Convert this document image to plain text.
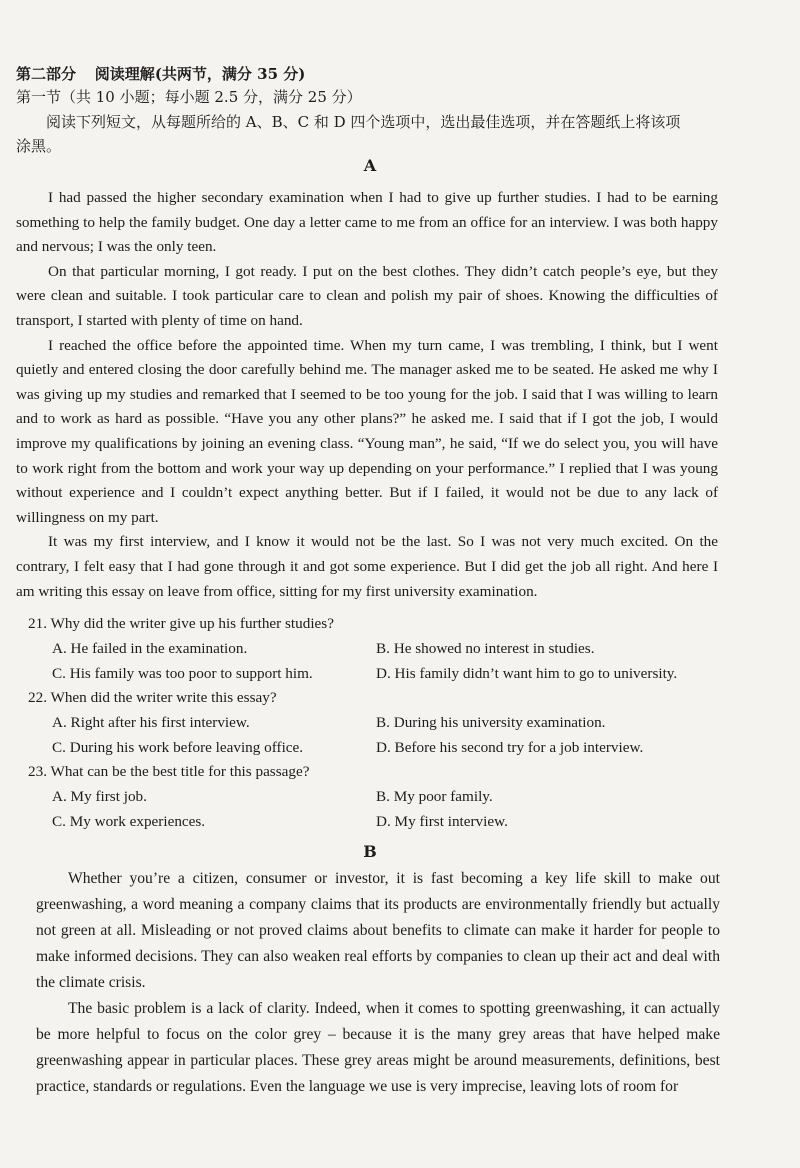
第二部分 阅读理解(共两节，满分 35 分)
第一节（共 10 小题；每小题 2.5 分，满分 25 分）
阅读下列短文，从每题所给的 A、B、C 和 D 四个选项中，选出最佳选项，并在答题纸上将该项
涂黑。
A

I had passed the higher secondary examination when I had to give up further studies. I had to be earning something to help the family budget. One day a letter came to me from an office for an interview. I was both happy and nervous; I was the only teen.

On that particular morning, I got ready. I put on the best clothes. They didn’t catch people’s eye, but they were clean and suitable. I took particular care to clean and polish my pair of shoes. Knowing the difficulties of transport, I started with plenty of time on hand.

I reached the office before the appointed time. When my turn came, I was trembling, I think, but I went quietly and entered closing the door carefully behind me. The manager asked me to be seated. He asked me why I was giving up my studies and remarked that I seemed to be too young for the job. I said that I was willing to learn and to work as hard as possible. “Have you any other plans?” he asked me. I said that if I got the job, I would improve my qualifications by joining an evening class. “Young man”, he said, “If we do select you, you will have to work right from the bottom and work your way up depending on your performance.” I replied that I was young without experience and I couldn’t expect anything better. But if I failed, it would not be due to any lack of willingness on my part.

It was my first interview, and I know it would not be the last. So I was not very much excited. On the contrary, I felt easy that I had gone through it and got some experience. But I did get the job all right. And here I am writing this essay on leave from office, sitting for my first university examination.

21. Why did the writer give up his further studies?
A. He failed in the examination.	B. He showed no interest in studies.
C. His family was too poor to support him.	D. His family didn’t want him to go to university.
22. When did the writer write this essay?
A. Right after his first interview.	B. During his university examination.
C. During his work before leaving office.	D. Before his second try for a job interview.
23. What can be the best title for this passage?
A. My first job.	B. My poor family.
C. My work experiences.	D. My first interview.
B

Whether you’re a citizen, consumer or investor, it is fast becoming a key life skill to make out greenwashing, a word meaning a company claims that its products are environmentally friendly but actually not green at all. Misleading or not proved claims about benefits to climate can make it harder for people to make informed decisions. They can also weaken real efforts by companies to clean up their act and deal with the climate crisis.

The basic problem is a lack of clarity. Indeed, when it comes to spotting greenwashing, it can actually be more helpful to focus on the color grey – because it is the many grey areas that have helped make greenwashing appear in particular places. These grey areas might be around measurements, definitions, best practice, standards or regulations. Even the language we use is very imprecise, leaving lots of room for
